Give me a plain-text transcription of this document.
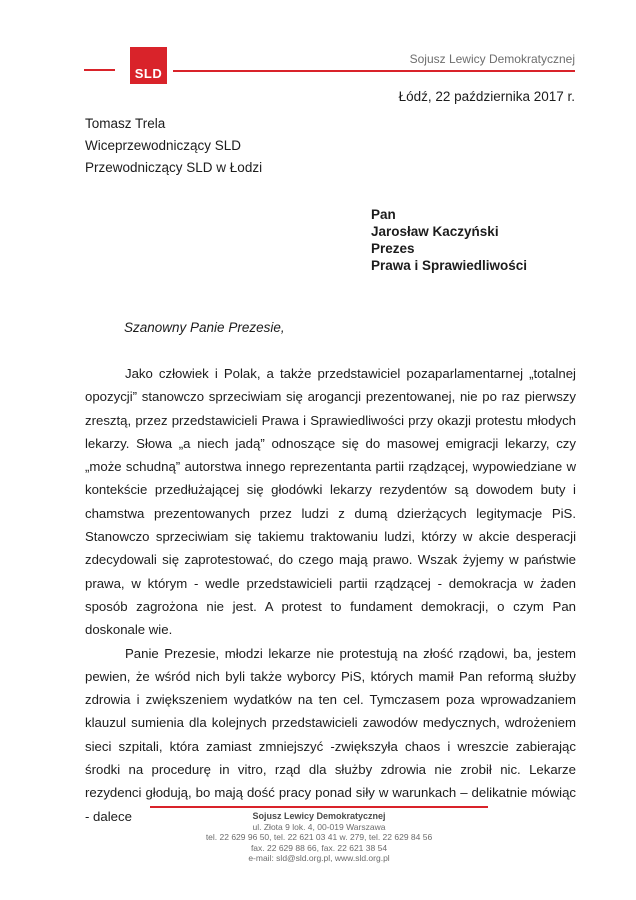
SLD
Sojusz Lewicy Demokratycznej
Łódź, 22 października 2017 r.
Tomasz Trela
Wiceprzewodniczący SLD
Przewodniczący SLD w Łodzi
Pan
Jarosław Kaczyński
Prezes
Prawa i Sprawiedliwości
Szanowny Panie Prezesie,

Jako człowiek i Polak, a także przedstawiciel pozaparlamentarnej „totalnej opozycji” stanowczo sprzeciwiam się arogancji prezentowanej, nie po raz pierwszy zresztą, przez przedstawicieli Prawa i Sprawiedliwości przy okazji protestu młodych lekarzy. Słowa „a niech jadą” odnoszące się do masowej emigracji lekarzy, czy „może schudną” autorstwa innego reprezentanta partii rządzącej, wypowiedziane w kontekście przedłużającej się głodówki lekarzy rezydentów są dowodem buty i chamstwa prezentowanych przez ludzi z dumą dzierżących legitymacje PiS. Stanowczo sprzeciwiam się takiemu traktowaniu ludzi, którzy w akcie desperacji zdecydowali się zaprotestować, do czego mają prawo. Wszak żyjemy w państwie prawa, w którym - wedle przedstawicieli partii rządzącej - demokracja w żaden sposób zagrożona nie jest. A protest to fundament demokracji, o czym Pan doskonale wie.

Panie Prezesie, młodzi lekarze nie protestują na złość rządowi, ba, jestem pewien, że wśród nich byli także wyborcy PiS, których mamił Pan reformą służby zdrowia i zwiększeniem wydatków na ten cel. Tymczasem poza wprowadzaniem klauzul sumienia dla kolejnych przedstawicieli zawodów medycznych, wdrożeniem sieci szpitali, która zamiast zmniejszyć -zwiększyła chaos i wreszcie zabierając środki na procedurę in vitro, rząd dla służby zdrowia nie zrobił nic. Lekarze rezydenci głodują, bo mają dość pracy ponad siły w warunkach – delikatnie mówiąc - dalece	Sojusz Lewicy Demokratycznej
ul. Złota 9 lok. 4, 00-019 Warszawa
tel. 22 629 96 50, tel. 22 621 03 41 w. 279, tel. 22 629 84 56
fax. 22 629 88 66, fax. 22 621 38 54
e-mail: sld@sld.org.pl, www.sld.org.pl
